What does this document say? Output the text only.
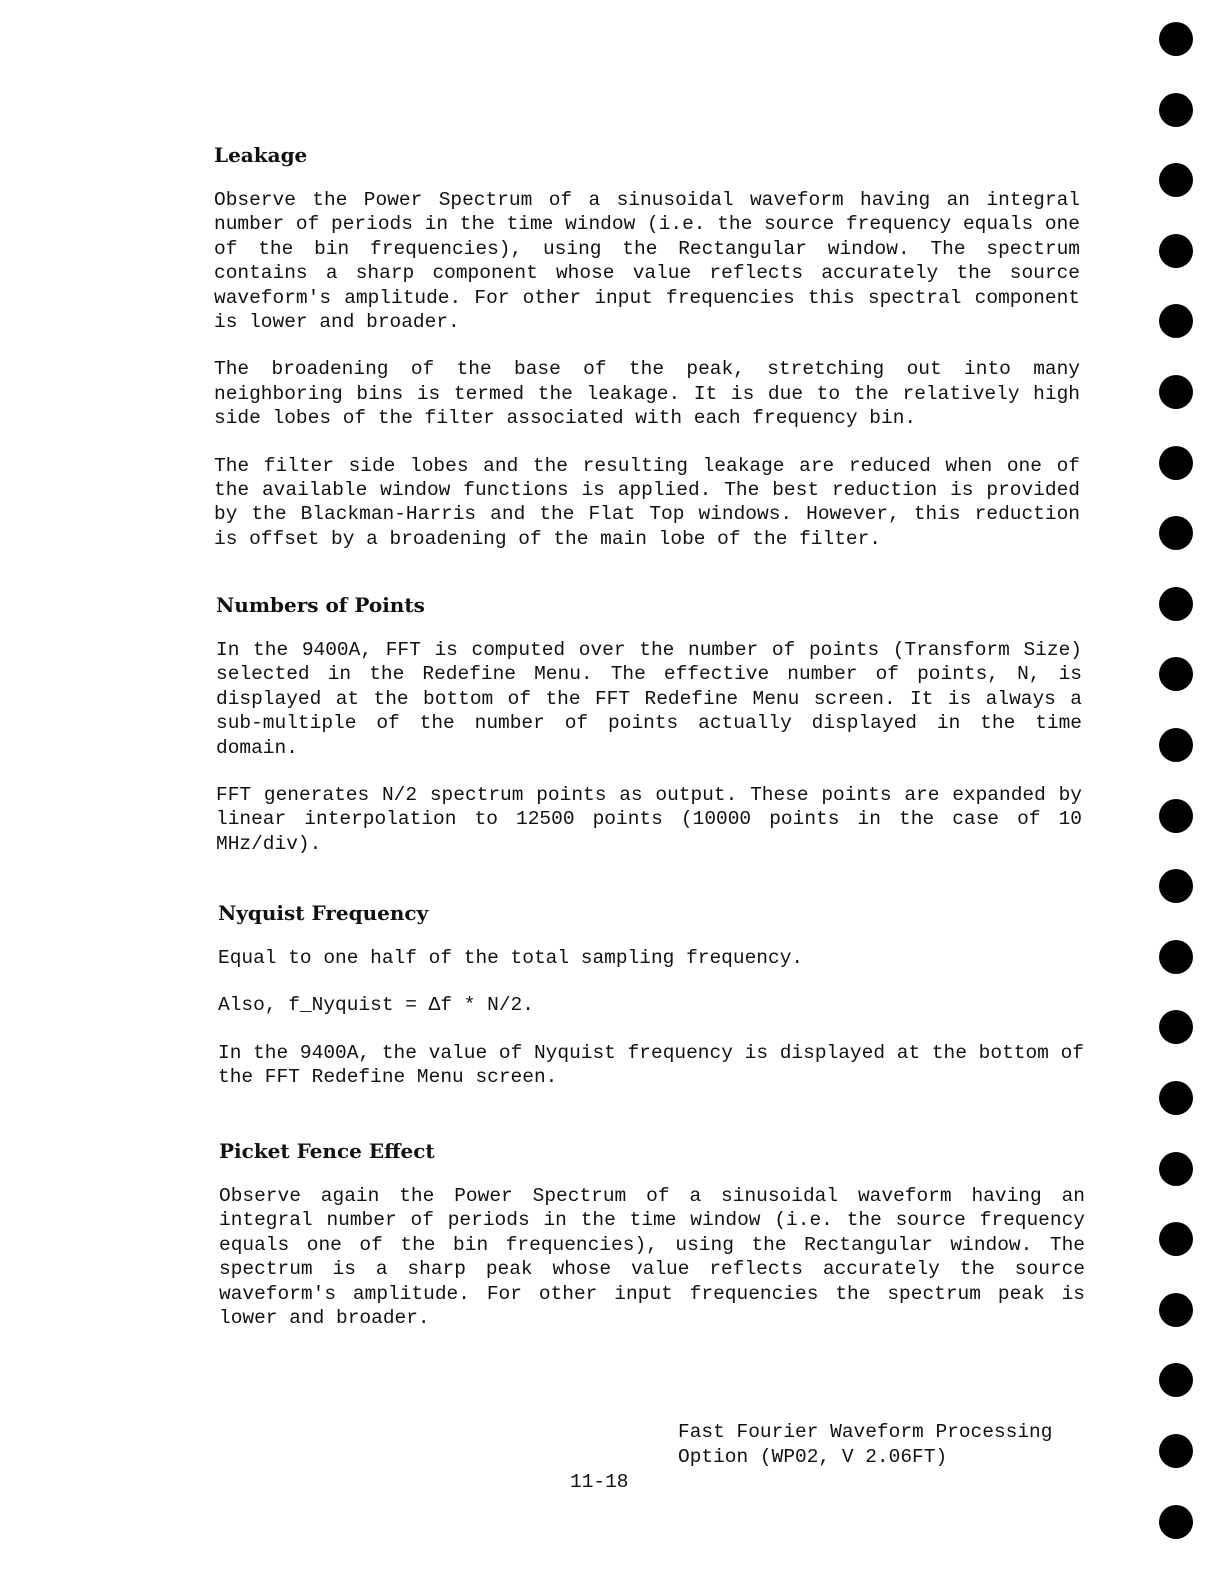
Leakage

Observe the Power Spectrum of a sinusoidal waveform having an integral number of periods in the time window (i.e. the source frequency equals one of the bin frequencies), using the Rectangular window. The spectrum contains a sharp component whose value reflects accurately the source waveform's amplitude. For other input frequencies this spectral component is lower and broader.

The broadening of the base of the peak, stretching out into many neighboring bins is termed the leakage. It is due to the relatively high side lobes of the filter associated with each frequency bin.

The filter side lobes and the resulting leakage are reduced when one of the available window functions is applied. The best reduction is provided by the Blackman-Harris and the Flat Top windows. However, this reduction is offset by a broadening of the main lobe of the filter.

Numbers of Points

In the 9400A, FFT is computed over the number of points (Transform Size) selected in the Redefine Menu. The effective number of points, N, is displayed at the bottom of the FFT Redefine Menu screen. It is always a sub-multiple of the number of points actually displayed in the time domain.

FFT generates N/2 spectrum points as output. These points are expanded by linear interpolation to 12500 points (10000 points in the case of 10 MHz/div).

Nyquist Frequency

Equal to one half of the total sampling frequency.

Also, f_Nyquist = Δf * N/2.

In the 9400A, the value of Nyquist frequency is displayed at the bottom of the FFT Redefine Menu screen.

Picket Fence Effect

Observe again the Power Spectrum of a sinusoidal waveform having an integral number of periods in the time window (i.e. the source frequency equals one of the bin frequencies), using the Rectangular window. The spectrum is a sharp peak whose value reflects accurately the source waveform's amplitude. For other input frequencies the spectrum peak is lower and broader.

Fast Fourier Waveform Processing
Option (WP02, V 2.06FT)
11-18
